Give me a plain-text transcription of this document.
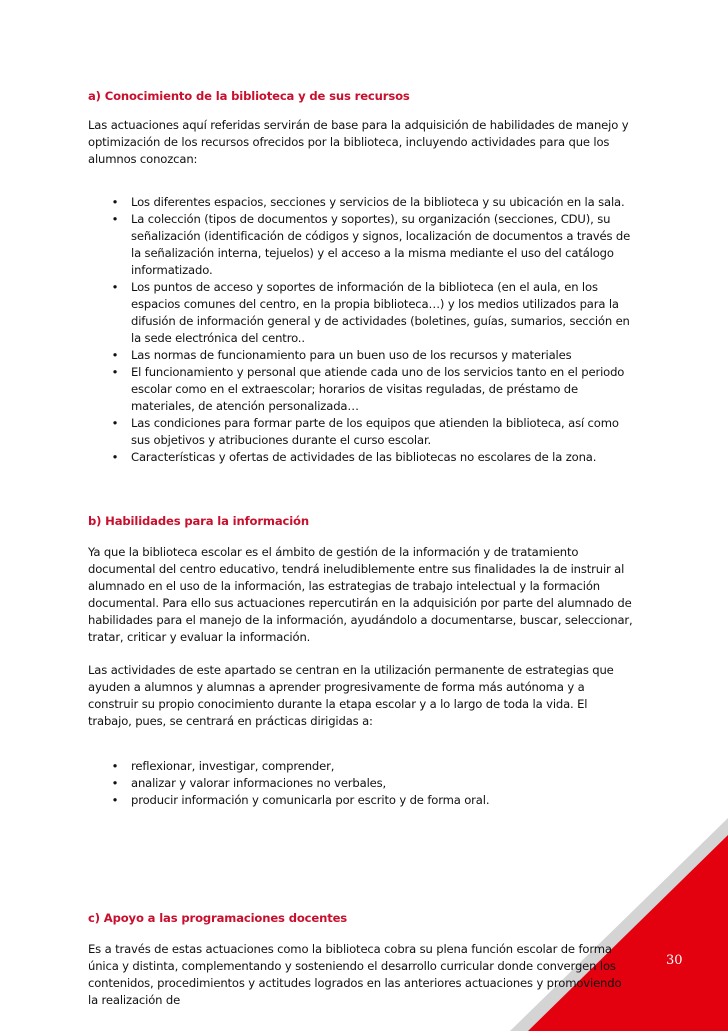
a) Conocimiento de la biblioteca y de sus recursos

Las actuaciones aquí referidas servirán de base para la adquisición de habilidades de manejo y optimización de los recursos ofrecidos por la biblioteca, incluyendo actividades para que los alumnos conozcan:

• Los diferentes espacios, secciones y servicios de la biblioteca y su ubicación en la sala.
• La colección (tipos de documentos y soportes), su organización (secciones, CDU), su señalización (identificación de códigos y signos, localización de documentos a través de la señalización interna, tejuelos) y el acceso a la misma mediante el uso del catálogo informatizado.
• Los puntos de acceso y soportes de información de la biblioteca (en el aula, en los espacios comunes del centro, en la propia biblioteca…) y los medios utilizados para la difusión de información general y de actividades (boletines, guías, sumarios, sección en la sede electrónica del centro..
• Las normas de funcionamiento para un buen uso de los recursos y materiales
• El funcionamiento y personal que atiende cada uno de los servicios tanto en el periodo escolar como en el extraescolar; horarios de visitas reguladas, de préstamo de materiales, de atención personalizada…
• Las condiciones para formar parte de los equipos que atienden la biblioteca, así como sus objetivos y atribuciones durante el curso escolar.
• Características y ofertas de actividades de las bibliotecas no escolares de la zona.
b) Habilidades para la información

Ya que la biblioteca escolar es el ámbito de gestión de la información y de tratamiento documental del centro educativo, tendrá ineludiblemente entre sus finalidades la de instruir al alumnado en el uso de la información, las estrategias de trabajo intelectual y la formación documental. Para ello sus actuaciones repercutirán en la adquisición por parte del alumnado de habilidades para el manejo de la información, ayudándolo a documentarse, buscar, seleccionar, tratar, criticar y evaluar la información.

Las actividades de este apartado se centran en la utilización permanente de estrategias que ayuden a alumnos y alumnas a aprender progresivamente de forma más autónoma y a construir su propio conocimiento durante la etapa escolar y a lo largo de toda la vida. El trabajo, pues, se centrará en prácticas dirigidas a:

• reflexionar, investigar, comprender,
• analizar y valorar informaciones no verbales,
• producir información y comunicarla por escrito y de forma oral.
c) Apoyo a las programaciones docentes

Es a través de estas actuaciones como la biblioteca cobra su plena función escolar de forma única y distinta, complementando y sosteniendo el desarrollo curricular donde convergen los contenidos, procedimientos y actitudes logrados en las anteriores actuaciones y promoviendo la realización de

30
